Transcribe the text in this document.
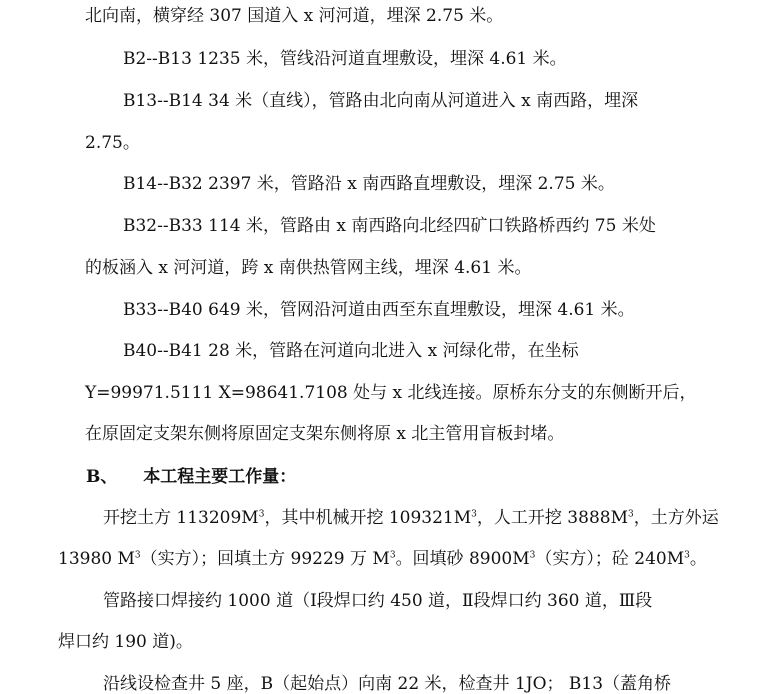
北向南，横穿经 307 国道入 x 河河道，埋深 2.75 米。
B2--B13 1235 米，管线沿河道直埋敷设，埋深 4.61 米。
B13--B14 34 米（直线），管路由北向南从河道进入 x 南西路，埋深
2.75。
B14--B32 2397 米，管路沿 x 南西路直埋敷设，埋深 2.75 米。
B32--B33 114 米，管路由 x 南西路向北经四矿口铁路桥西约 75 米处
的板涵入 x 河河道，跨 x 南供热管网主线，埋深 4.61 米。
B33--B40 649 米，管网沿河道由西至东直埋敷设，埋深 4.61 米。
B40--B41 28 米，管路在河道向北进入 x 河绿化带，在坐标
Y=99971.5111 X=98641.7108 处与 x 北线连接。原桥东分支的东侧断开后，
在原固定支架东侧将原固定支架东侧将原 x 北主管用盲板封堵。
B、 本工程主要工作量：
开挖土方 $113209M^3$，其中机械开挖 $109321M^3$，人工开挖 $3888M^3$，土方外运
13980 $M^3$（实方）；回填土方 99229 万 $M^3$。回填砂 $8900M^3$（实方）；砼 $240M^3$。
管路接口焊接约 1000 道（Ⅰ段焊口约 450 道，Ⅱ段焊口约 360 道，Ⅲ段
焊口约 190 道)。
沿线设检查井 5 座，B（起始点）向南 22 米，检查井 1JO； B13（蓋角桥
